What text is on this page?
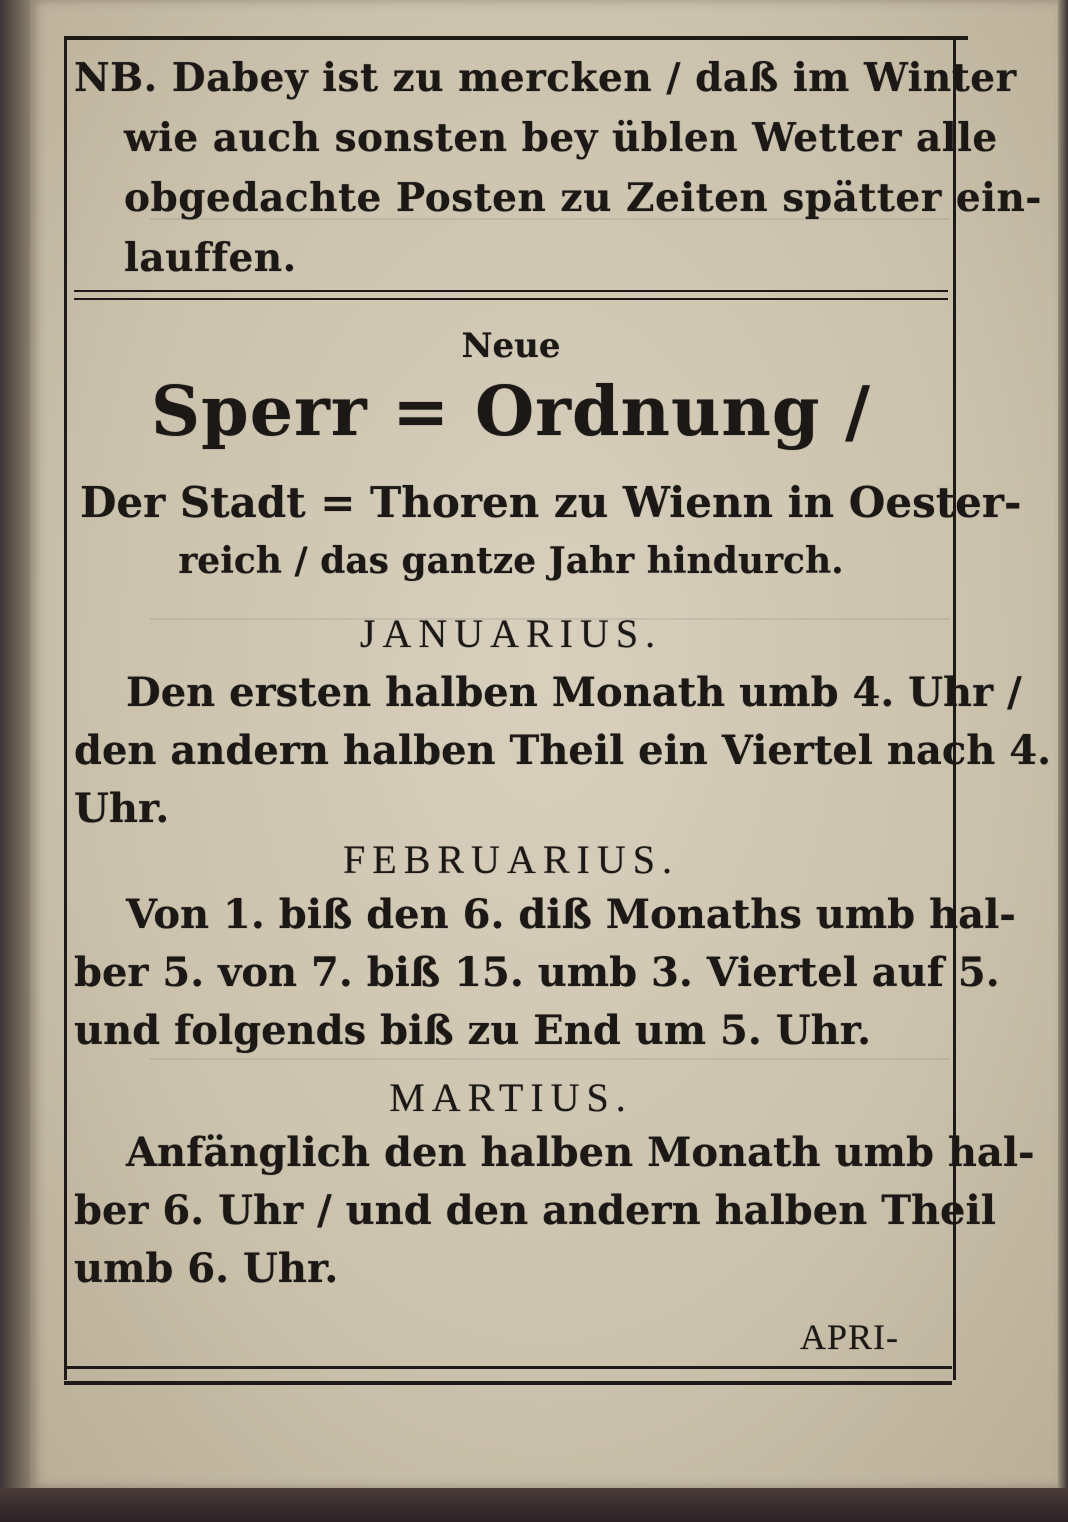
NB. Dabey ist zu mercken / daß im Winter
wie auch sonsten bey üblen Wetter alle
obgedachte Posten zu Zeiten spätter ein-
lauffen.
Neue
Sperr = Ordnung /
Der Stadt = Thoren zu Wienn in Oester-
reich / das gantze Jahr hindurch.
JANUARIUS.
Den ersten halben Monath umb 4. Uhr /
den andern halben Theil ein Viertel nach 4.
Uhr.
FEBRUARIUS.
Von 1. biß den 6. diß Monaths umb hal-
ber 5. von 7. biß 15. umb 3. Viertel auf 5.
und folgends biß zu End um 5. Uhr.
MARTIUS.
Anfänglich den halben Monath umb hal-
ber 6. Uhr / und den andern halben Theil
umb 6. Uhr.
APRI-
